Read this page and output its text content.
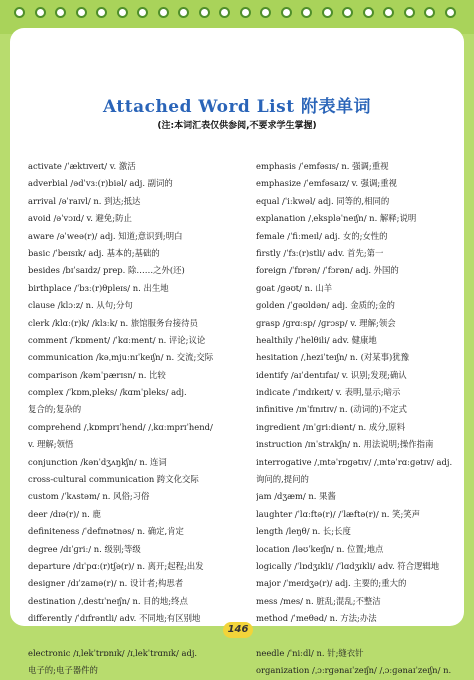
Attached Word List 附表单词
(注:本词汇表仅供参阅,不要求学生掌握)
activate /ˈæktɪveɪt/ v. 激活
adverbial /ədˈvɜː(r)biəl/ adj. 副词的
arrival /əˈraɪvl/ n. 到达;抵达
avoid /əˈvɔɪd/ v. 避免;防止
aware /əˈweə(r)/ adj. 知道;意识到;明白
basic /ˈbeɪsɪk/ adj. 基本的;基础的
besides /bɪˈsaɪdz/ prep. 除……之外(还)
birthplace /ˈbɜː(r)θpleɪs/ n. 出生地
clause /klɔːz/ n. 从句;分句
clerk /klɑː(r)k/ /klɜːk/ n. 旅馆服务台接待员
comment /ˈkɒment/ /ˈkɑːment/ n. 评论;议论
communication /kəˌmjuːnɪˈkeɪʃn/ n. 交流;交际
comparison /kəmˈpærɪsn/ n. 比较
complex /ˈkɒmˌpleks/ /kɑmˈpleks/ adj.
复合的;复杂的
comprehend /ˌkɒmprɪˈhend/ /ˌkɑːmprɪˈhend/
v. 理解;领悟
conjunction /kənˈdʒʌŋkʃn/ n. 连词
cross-cultural communication 跨文化交际
custom /ˈkʌstəm/ n. 风俗;习俗
deer /dɪə(r)/ n. 鹿
definiteness /ˈdefɪnətnəs/ n. 确定,肯定
degree /dɪˈɡriː/ n. 级别;等级
departure /dɪˈpɑː(r)tʃə(r)/ n. 离开;起程;出发
designer /dɪˈzaɪnə(r)/ n. 设计者;构思者
destination /ˌdestɪˈneɪʃn/ n. 目的地;终点
differently /ˈdɪfrəntli/ adv. 不同地;有区别地
electronic /ɪˌlekˈtrɒnɪk/ /ɪˌlekˈtrɑnɪk/ adj.
电子的;电子器件的
emphasis /ˈemfəsɪs/ n. 强调;重视
emphasize /ˈemfəsaɪz/ v. 强调;重视
equal /ˈiːkwəl/ adj. 同等的,相同的
explanation /ˌekspləˈneɪʃn/ n. 解释;说明
female /ˈfiːmeɪl/ adj. 女的;女性的
firstly /ˈfɜː(r)stli/ adv. 首先;第一
foreign /ˈfɒrən/ /ˈfɔrən/ adj. 外国的
goat /ɡəʊt/ n. 山羊
golden /ˈɡəʊldən/ adj. 金质的;金的
grasp /ɡrɑːsp/ /ɡrɔsp/ v. 理解;领会
healthily /ˈhelθili/ adv. 健康地
hesitation /ˌheziˈteɪʃn/ n. (对某事)犹豫
identify /aɪˈdentɪfaɪ/ v. 识别;发现;确认
indicate /ˈɪndɪkeɪt/ v. 表明,显示;暗示
infinitive /ɪnˈfɪnɪtɪv/ n. (动词的)不定式
ingredient /ɪnˈɡriːdiənt/ n. 成分,原料
instruction /ɪnˈstrʌkʃn/ n. 用法说明;操作指南
interrogative /ˌɪntəˈrɒɡətɪv/ /ˌɪntəˈrɑːɡətɪv/ adj.
询问的,提问的
jam /dʒæm/ n. 果酱
laughter /ˈlɑːftə(r)/ /ˈlæftə(r)/ n. 笑;笑声
length /leŋθ/ n. 长;长度
location /ləʊˈkeɪʃn/ n. 位置;地点
logically /ˈlɒdʒɪkli/ /ˈlɑdʒɪkli/ adv. 符合逻辑地
major /ˈmeɪdʒə(r)/ adj. 主要的;重大的
mess /mes/ n. 脏乱;混乱;不整洁
method /ˈmeθəd/ n. 方法;办法
needle /ˈniːdl/ n. 针;缝衣针
organization /ˌɔːrɡənaɪˈzeɪʃn/ /ˌɔːɡənaɪˈzeɪʃn/ n.
146
